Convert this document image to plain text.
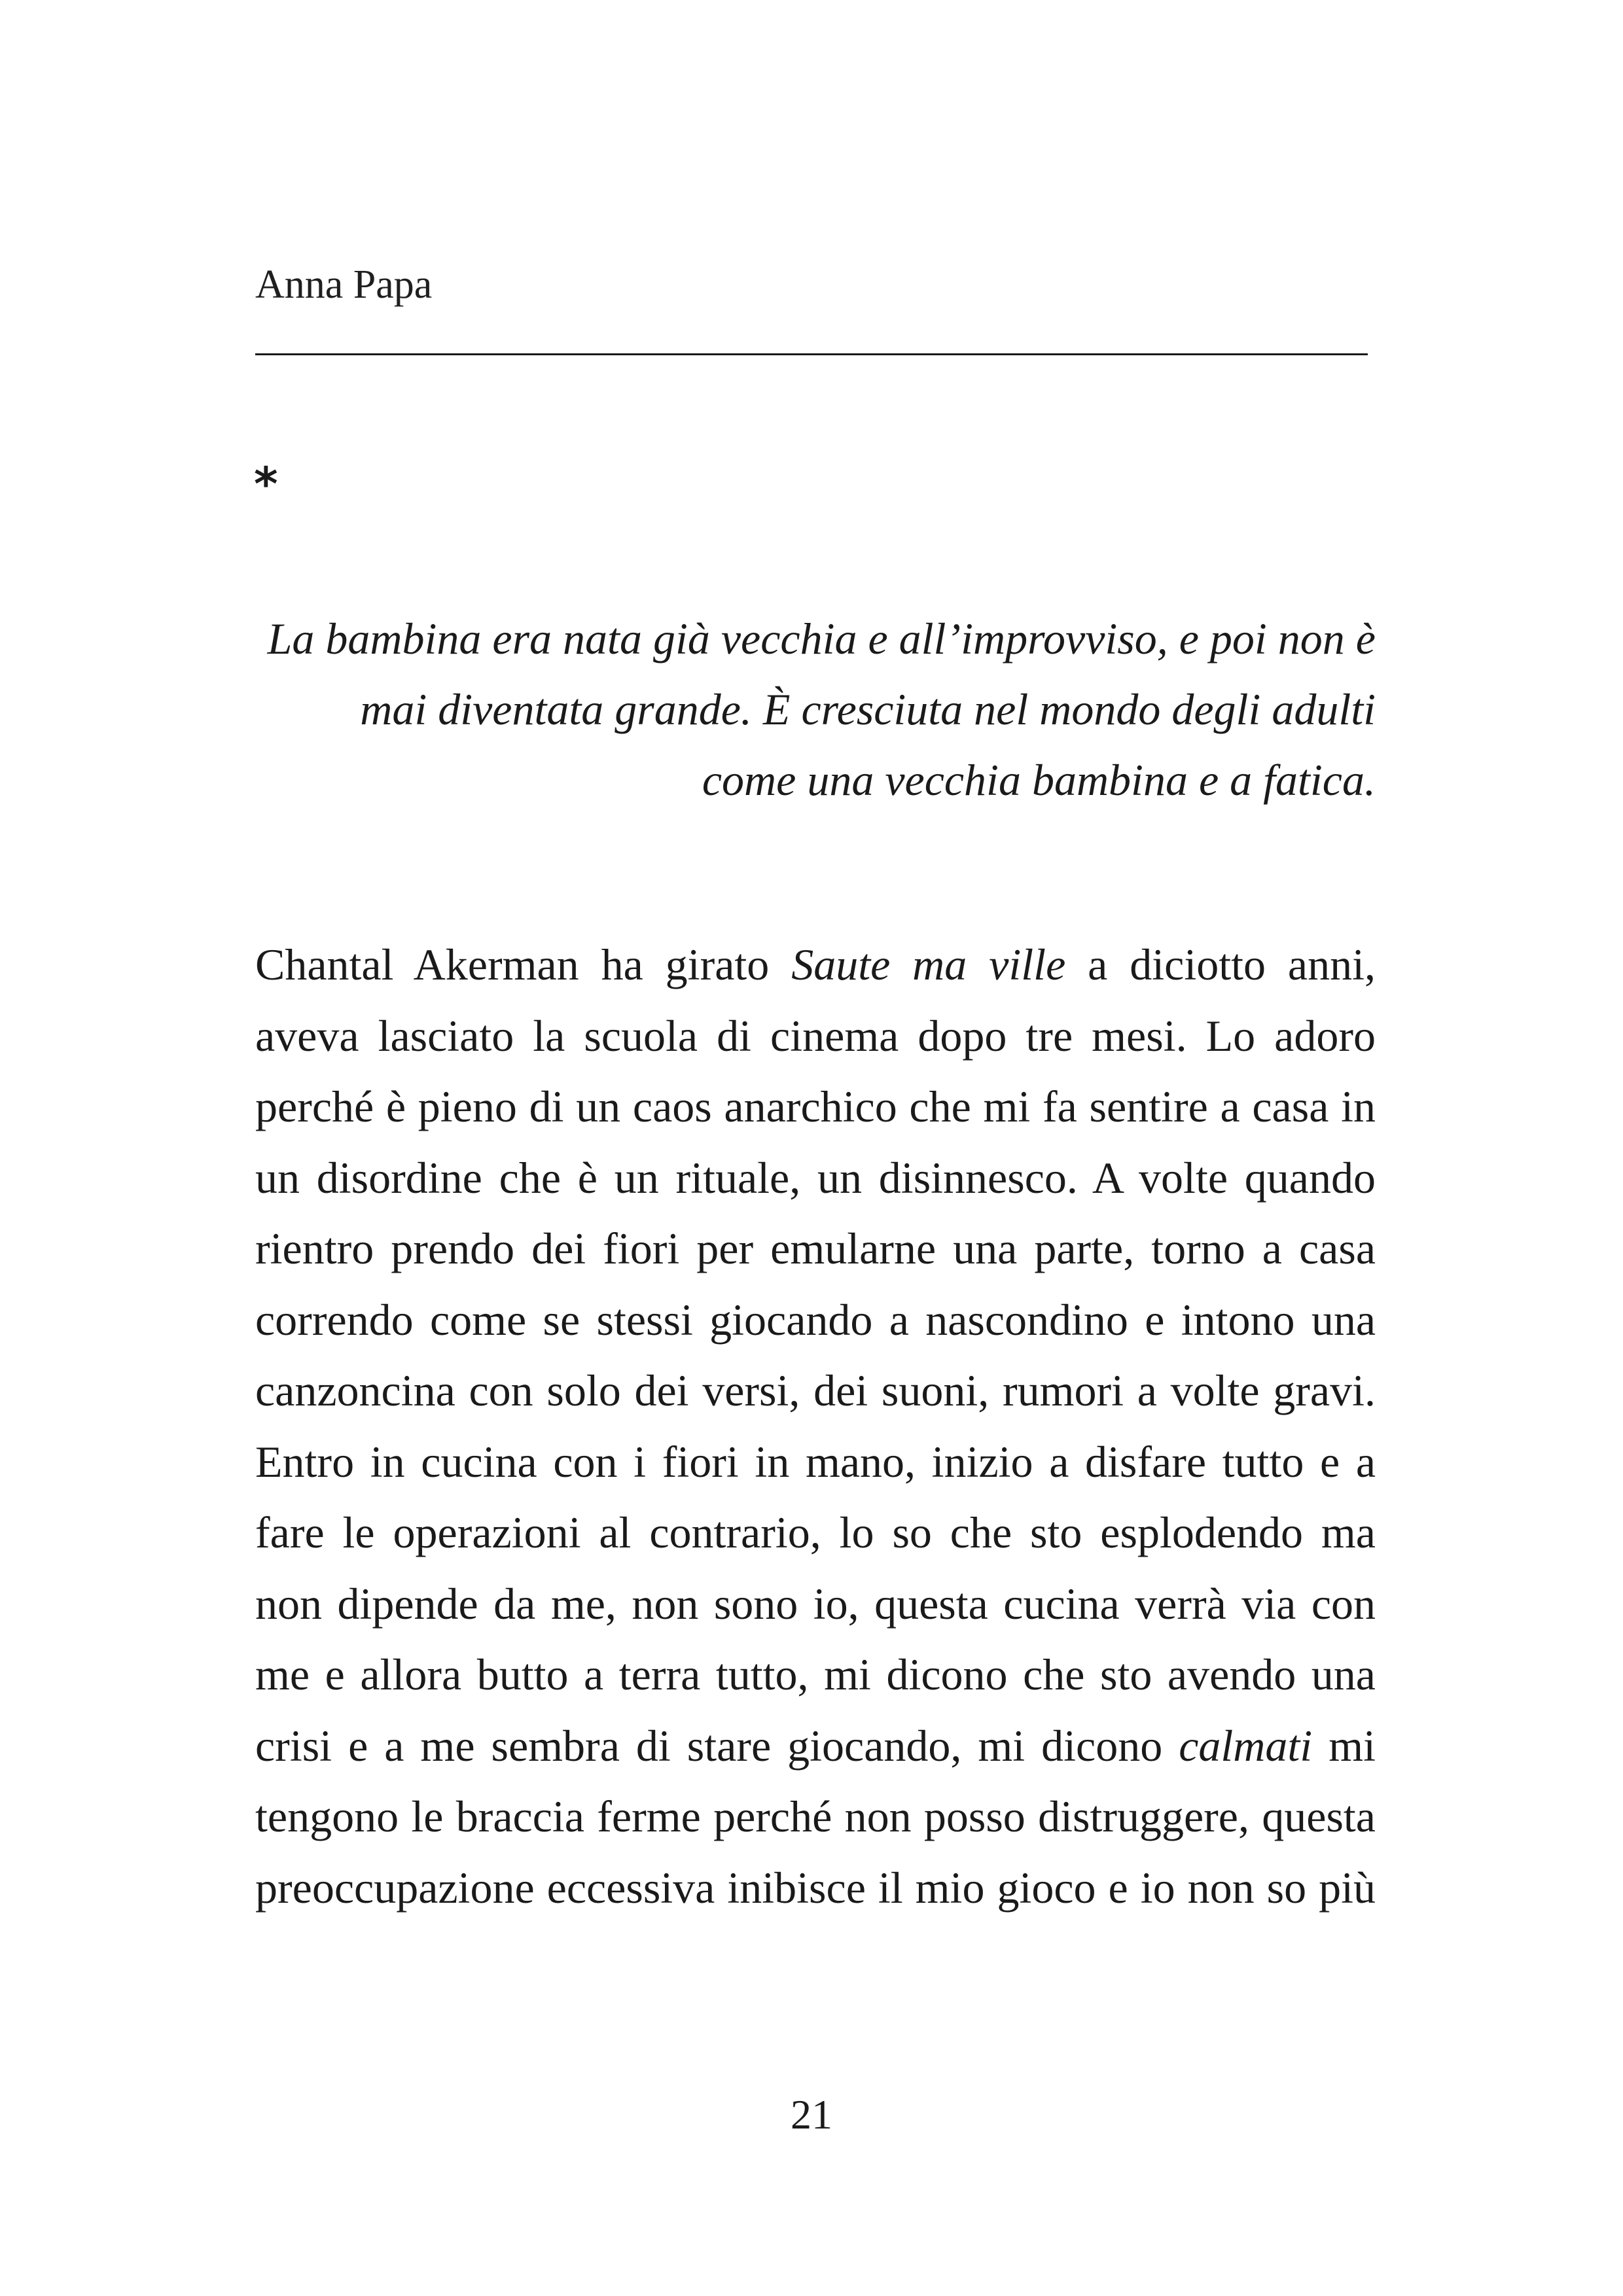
Anna Papa
*
La bambina era nata già vecchia e all’improvviso, e poi non è
mai diventata grande. È cresciuta nel mondo degli adulti
come una vecchia bambina e a fatica.
Chantal Akerman ha girato Saute ma ville a diciotto anni,
aveva lasciato la scuola di cinema dopo tre mesi. Lo adoro
perché è pieno di un caos anarchico che mi fa sentire a casa in
un disordine che è un rituale, un disinnesco. A volte quando
rientro prendo dei fiori per emularne una parte, torno a casa
correndo come se stessi giocando a nascondino e intono una
canzoncina con solo dei versi, dei suoni, rumori a volte gravi.
Entro in cucina con i fiori in mano, inizio a disfare tutto e a
fare le operazioni al contrario, lo so che sto esplodendo ma
non dipende da me, non sono io, questa cucina verrà via con
me e allora butto a terra tutto, mi dicono che sto avendo una
crisi e a me sembra di stare giocando, mi dicono calmati mi
tengono le braccia ferme perché non posso distruggere, questa
preoccupazione eccessiva inibisce il mio gioco e io non so più
21
